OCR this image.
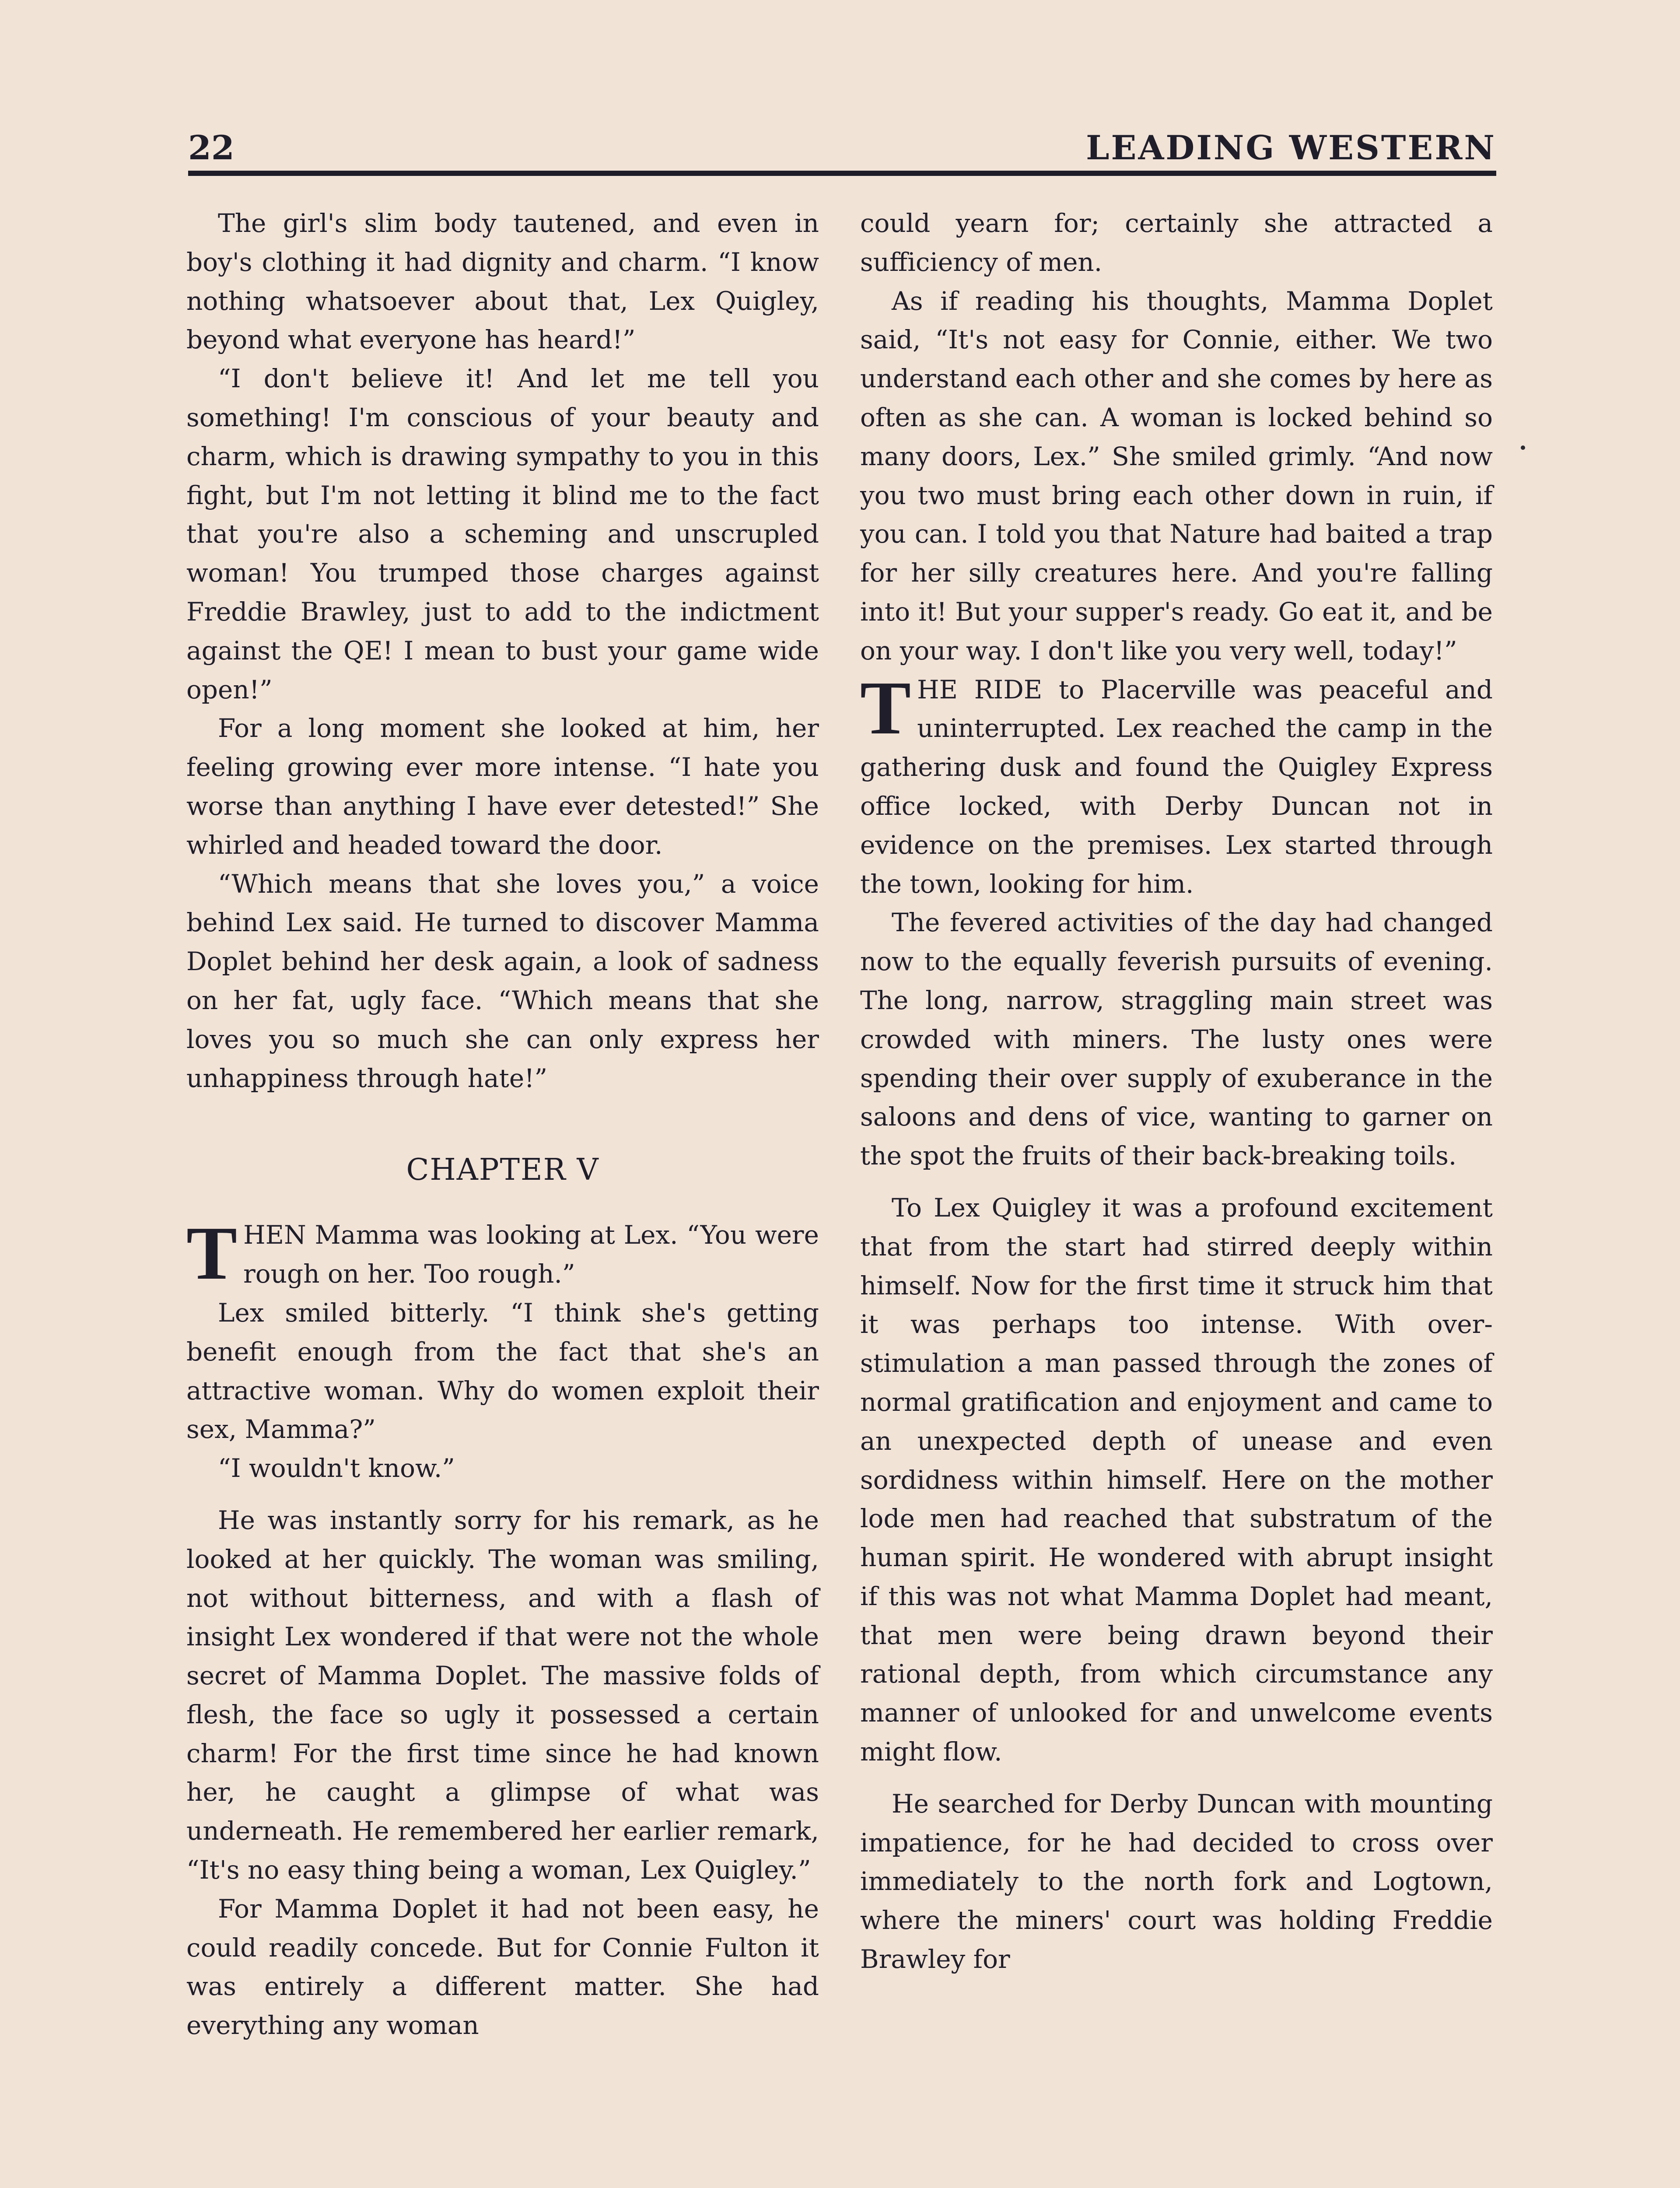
22	LEADING WESTERN

The girl's slim body tautened, and even in boy's clothing it had dignity and charm. “I know nothing whatsoever about that, Lex Quigley, beyond what everyone has heard!”

“I don't believe it! And let me tell you something! I'm conscious of your beauty and charm, which is drawing sympathy to you in this fight, but I'm not letting it blind me to the fact that you're also a scheming and unscrupled woman! You trumped those charges against Freddie Brawley, just to add to the indictment against the QE! I mean to bust your game wide open!”

For a long moment she looked at him, her feeling growing ever more intense. “I hate you worse than anything I have ever detested!” She whirled and headed toward the door.

“Which means that she loves you,” a voice behind Lex said. He turned to discover Mamma Doplet behind her desk again, a look of sadness on her fat, ugly face. “Which means that she loves you so much she can only express her unhappiness through hate!”

CHAPTER V

THEN Mamma was looking at Lex. “You were rough on her. Too rough.”

Lex smiled bitterly. “I think she's getting benefit enough from the fact that she's an attractive woman. Why do women exploit their sex, Mamma?”

“I wouldn't know.”

He was instantly sorry for his remark, as he looked at her quickly. The woman was smiling, not without bitterness, and with a flash of insight Lex wondered if that were not the whole secret of Mamma Doplet. The massive folds of flesh, the face so ugly it possessed a certain charm! For the first time since he had known her, he caught a glimpse of what was underneath. He remembered her earlier remark, “It's no easy thing being a woman, Lex Quigley.”

For Mamma Doplet it had not been easy, he could readily concede. But for Connie Fulton it was entirely a different matter. She had everything any woman

could yearn for; certainly she attracted a sufficiency of men.

As if reading his thoughts, Mamma Doplet said, “It's not easy for Connie, either. We two understand each other and she comes by here as often as she can. A woman is locked behind so many doors, Lex.” She smiled grimly. “And now you two must bring each other down in ruin, if you can. I told you that Nature had baited a trap for her silly creatures here. And you're falling into it! But your supper's ready. Go eat it, and be on your way. I don't like you very well, today!”

THE RIDE to Placerville was peaceful and uninterrupted. Lex reached the camp in the gathering dusk and found the Quigley Express office locked, with Derby Duncan not in evidence on the premises. Lex started through the town, looking for him.

The fevered activities of the day had changed now to the equally feverish pursuits of evening. The long, narrow, straggling main street was crowded with miners. The lusty ones were spending their over supply of exuberance in the saloons and dens of vice, wanting to garner on the spot the fruits of their back-breaking toils.

To Lex Quigley it was a profound excitement that from the start had stirred deeply within himself. Now for the first time it struck him that it was perhaps too intense. With over-stimulation a man passed through the zones of normal gratification and enjoyment and came to an unexpected depth of unease and even sordidness within himself. Here on the mother lode men had reached that substratum of the human spirit. He wondered with abrupt insight if this was not what Mamma Doplet had meant, that men were being drawn beyond their rational depth, from which circumstance any manner of unlooked for and unwelcome events might flow.

He searched for Derby Duncan with mounting impatience, for he had decided to cross over immediately to the north fork and Logtown, where the miners' court was holding Freddie Brawley for
